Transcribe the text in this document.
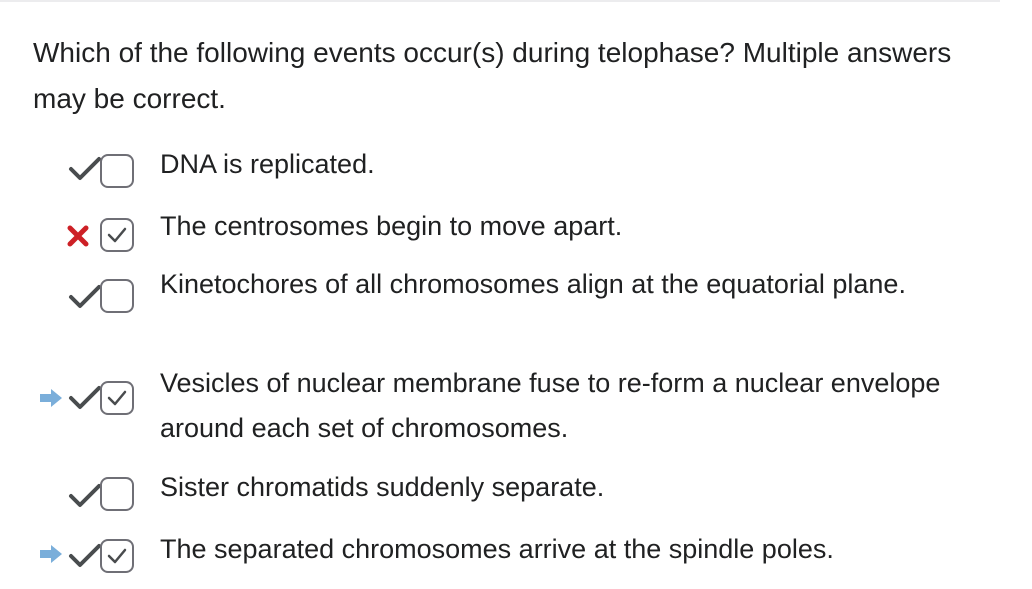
Which of the following events occur(s) during telophase? Multiple answers may be correct.
DNA is replicated.
The centrosomes begin to move apart.
Kinetochores of all chromosomes align at the equatorial plane.
Vesicles of nuclear membrane fuse to re-form a nuclear envelope around each set of chromosomes.
Sister chromatids suddenly separate.
The separated chromosomes arrive at the spindle poles.
